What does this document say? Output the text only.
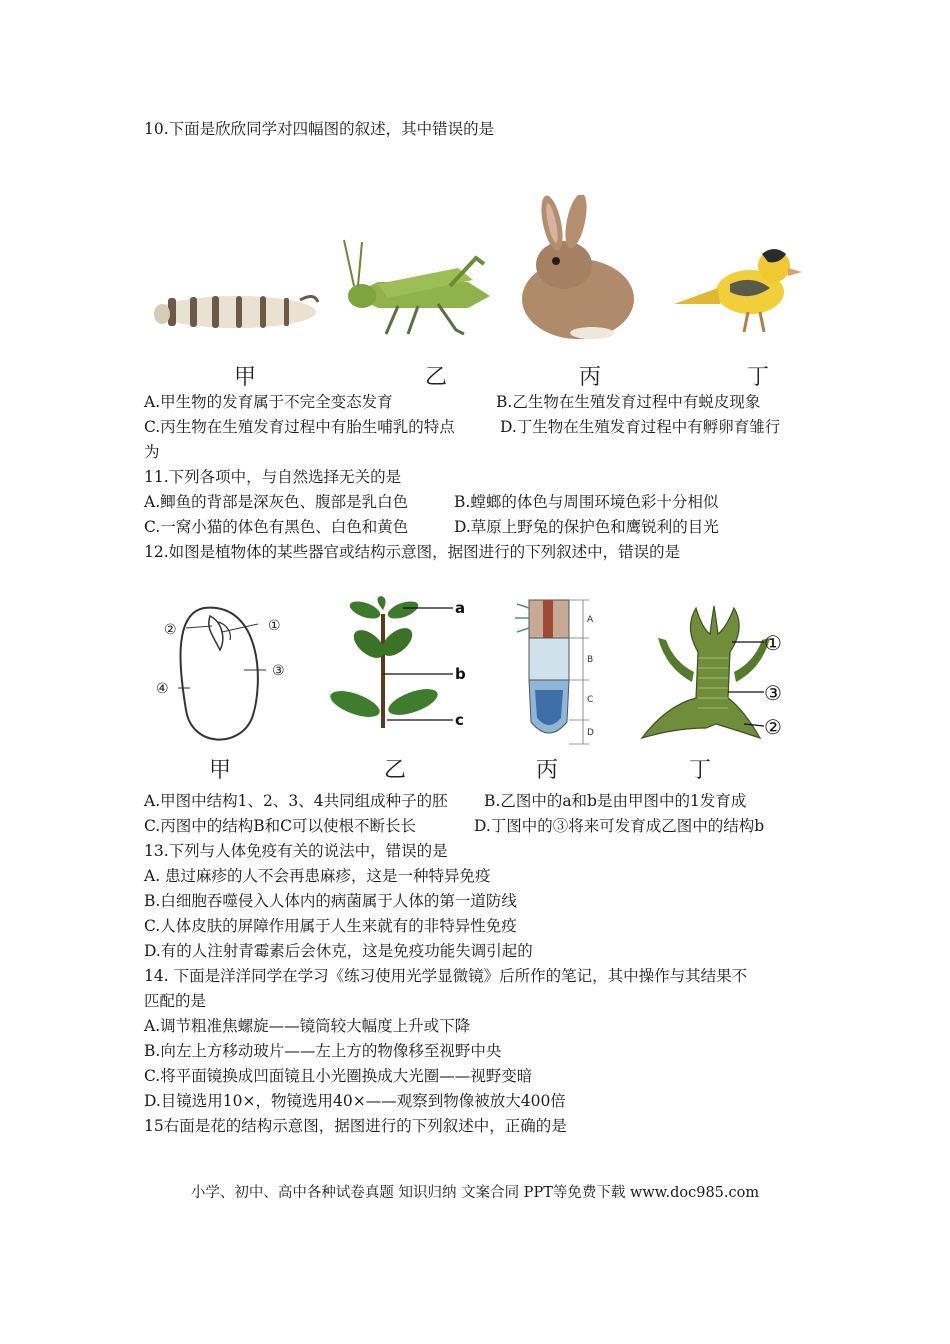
10.下面是欣欣同学对四幅图的叙述，其中错误的是
甲	乙	丙	丁
A.甲生物的发育属于不完全变态发育	B.乙生物在生殖发育过程中有蜕皮现象
C.丙生物在生殖发育过程中有胎生哺乳的特点	D.丁生物在生殖发育过程中有孵卵育雏行
为
11.下列各项中，与自然选择无关的是
A.鲫鱼的背部是深灰色、腹部是乳白色	B.螳螂的体色与周围环境色彩十分相似
C.一窝小猫的体色有黑色、白色和黄色	D.草原上野兔的保护色和鹰锐利的目光
12.如图是植物体的某些器官或结构示意图，据图进行的下列叙述中，错误的是
②	①
③
④
a
b
c
A
B
C
D
①
③
②
甲	乙	丙	丁
A.甲图中结构1、2、3、4共同组成种子的胚 B.乙图中的a和b是由甲图中的1发育成
C.丙图中的结构B和C可以使根不断长长	D.丁图中的③将来可发育成乙图中的结构b
13.下列与人体免疫有关的说法中，错误的是
A. 患过麻疹的人不会再患麻疹，这是一种特异免疫
B.白细胞吞噬侵入人体内的病菌属于人体的第一道防线
C.人体皮肤的屏障作用属于人生来就有的非特异性免疫
D.有的人注射青霉素后会休克，这是免疫功能失调引起的
14. 下面是洋洋同学在学习《练习使用光学显微镜》后所作的笔记，其中操作与其结果不
匹配的是
A.调节粗准焦螺旋——镜筒较大幅度上升或下降
B.向左上方移动玻片——左上方的物像移至视野中央
C.将平面镜换成凹面镜且小光圈换成大光圈——视野变暗
D.目镜选用10×，物镜选用40×——观察到物像被放大400倍
15右面是花的结构示意图，据图进行的下列叙述中，正确的是
小学、初中、高中各种试卷真题 知识归纳 文案合同 PPT等免费下载 www.doc985.com
